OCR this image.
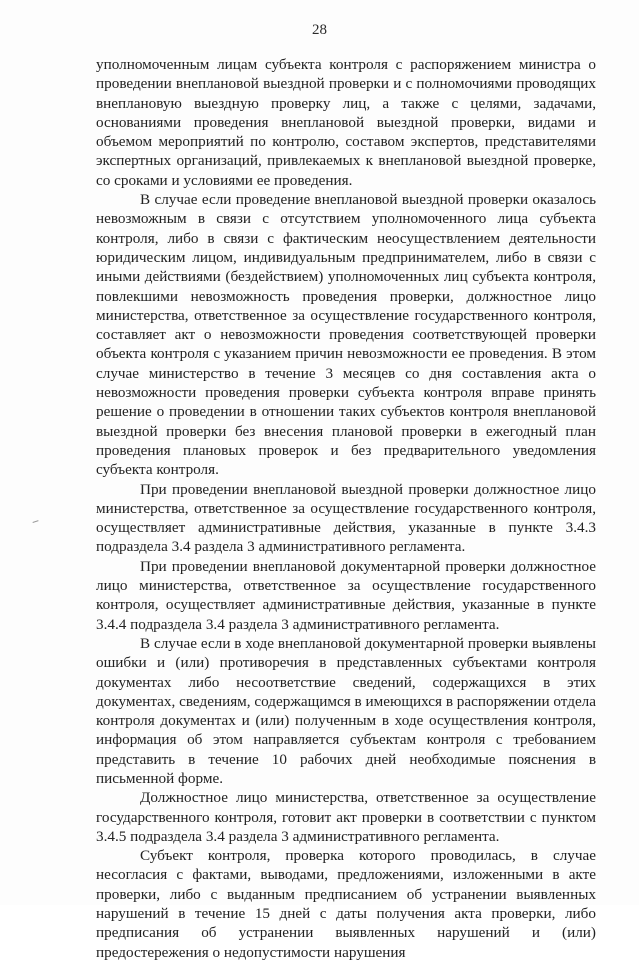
28

уполномоченным лицам субъекта контроля с распоряжением министра о проведении внеплановой выездной проверки и с полномочиями проводящих внеплановую выездную проверку лиц, а также с целями, задачами, основаниями проведения внеплановой выездной проверки, видами и объемом мероприятий по контролю, составом экспертов, представителями экспертных организаций, привлекаемых к внеплановой выездной проверке, со сроками и условиями ее проведения.

В случае если проведение внеплановой выездной проверки оказалось невозможным в связи с отсутствием уполномоченного лица субъекта контроля, либо в связи с фактическим неосуществлением деятельности юридическим лицом, индивидуальным предпринимателем, либо в связи с иными действиями (бездействием) уполномоченных лиц субъекта контроля, повлекшими невозможность проведения проверки, должностное лицо министерства, ответственное за осуществление государственного контроля, составляет акт о невозможности проведения соответствующей проверки объекта контроля с указанием причин невозможности ее проведения. В этом случае министерство в течение 3 месяцев со дня составления акта о невозможности проведения проверки субъекта контроля вправе принять решение о проведении в отношении таких субъектов контроля внеплановой выездной проверки без внесения плановой проверки в ежегодный план проведения плановых проверок и без предварительного уведомления субъекта контроля.

При проведении внеплановой выездной проверки должностное лицо министерства, ответственное за осуществление государственного контроля, осуществляет административные действия, указанные в пункте 3.4.3 подраздела 3.4 раздела 3 административного регламента.

При проведении внеплановой документарной проверки должностное лицо министерства, ответственное за осуществление государственного контроля, осуществляет административные действия, указанные в пункте 3.4.4 подраздела 3.4 раздела 3 административного регламента.

В случае если в ходе внеплановой документарной проверки выявлены ошибки и (или) противоречия в представленных субъектами контроля документах либо несоответствие сведений, содержащихся в этих документах, сведениям, содержащимся в имеющихся в распоряжении отдела контроля документах и (или) полученным в ходе осуществления контроля, информация об этом направляется субъектам контроля с требованием представить в течение 10 рабочих дней необходимые пояснения в письменной форме.

Должностное лицо министерства, ответственное за осуществление государственного контроля, готовит акт проверки в соответствии с пунктом 3.4.5 подраздела 3.4 раздела 3 административного регламента.

Субъект контроля, проверка которого проводилась, в случае несогласия с фактами, выводами, предложениями, изложенными в акте проверки, либо с выданным предписанием об устранении выявленных нарушений в течение 15 дней с даты получения акта проверки, либо предписания об устранении выявленных нарушений и (или) предостережения о недопустимости нарушения
